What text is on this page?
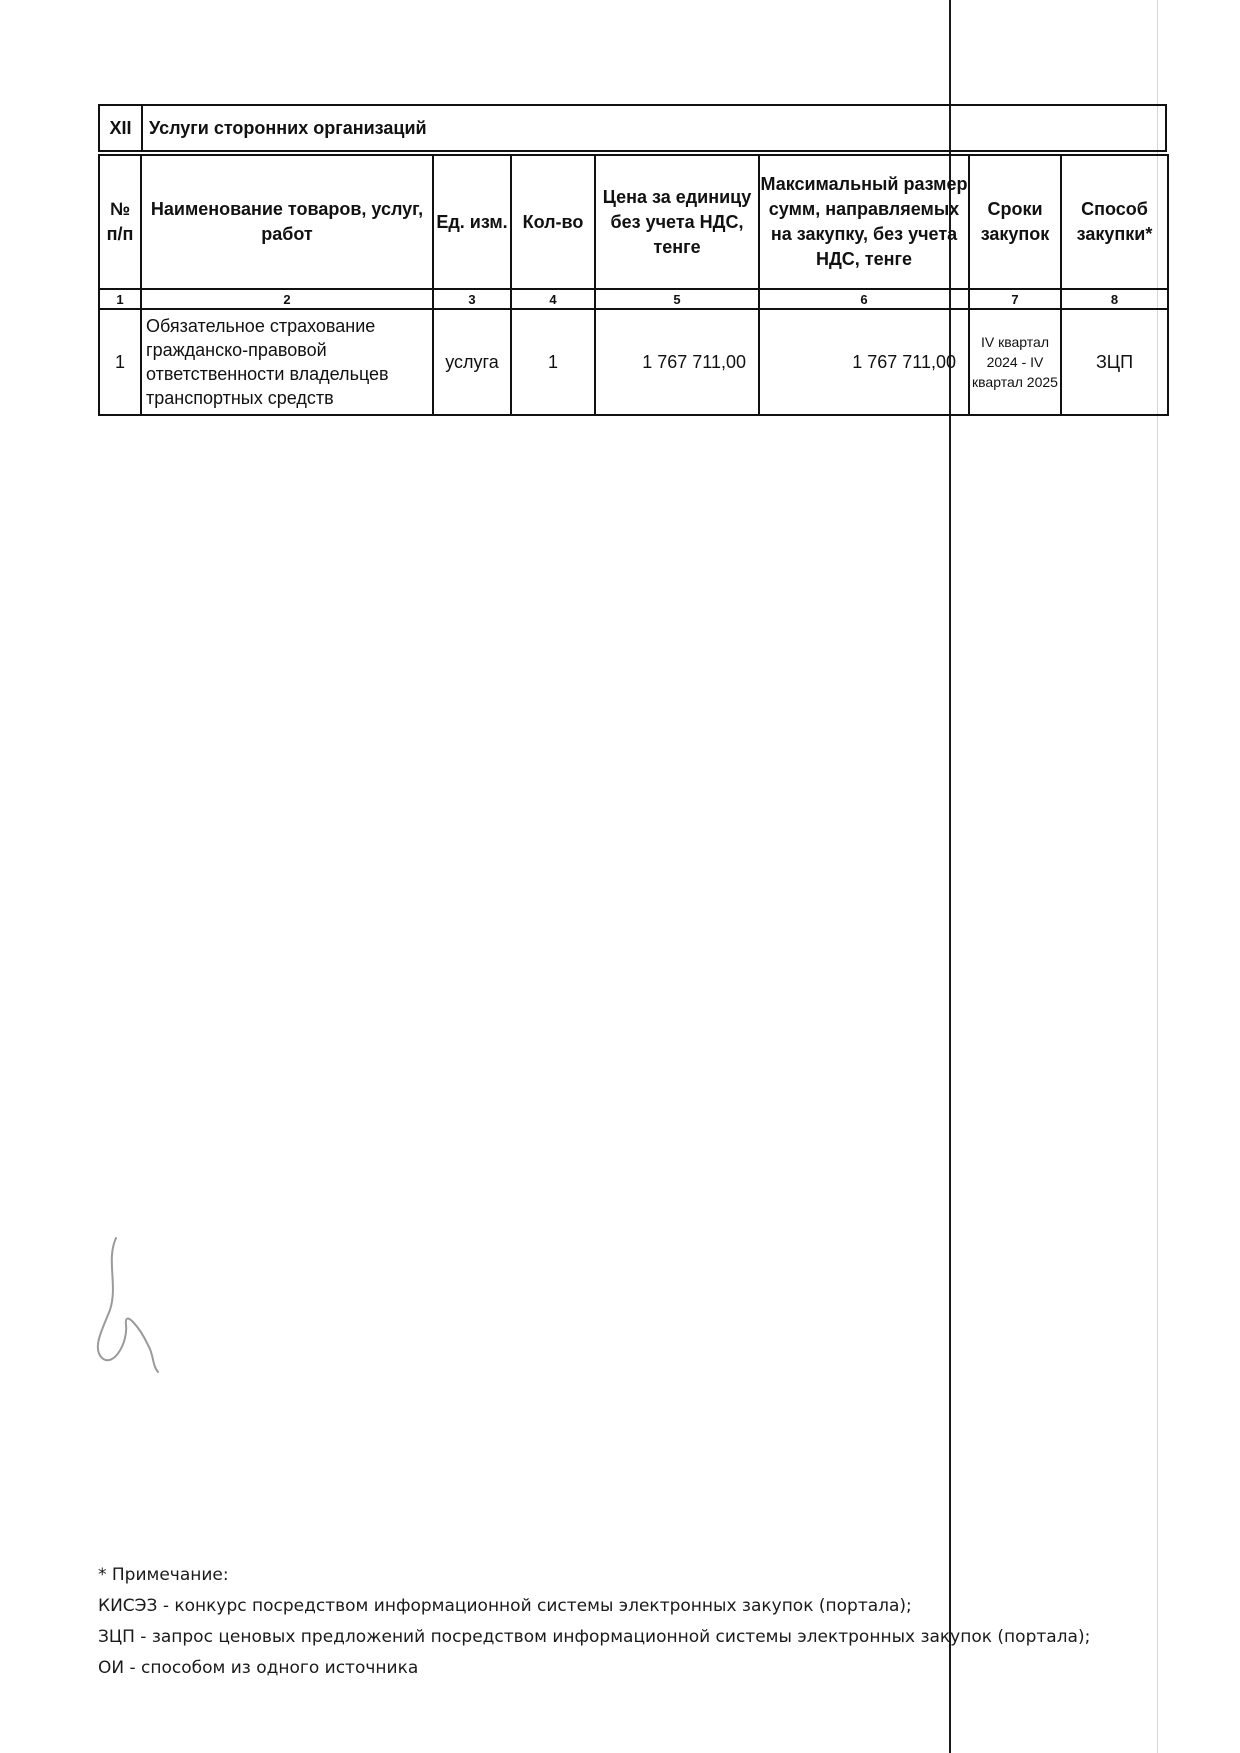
XII Услуги сторонних организаций
№ п/п	Наименование товаров, услуг, работ	Ед. изм.	Кол-во	Цена за единицу без учета НДС, тенге	Максимальный размер сумм, направляемых на закупку, без учета НДС, тенге	Сроки закупок	Способ закупки*
1	2	3	4	5	6	7	8
1	Обязательное страхование гражданско-правовой ответственности владельцев транспортных средств	услуга	1	1 767 711,00	1 767 711,00	IV квартал 2024 - IV квартал 2025	ЗЦП
* Примечание:
КИСЭЗ - конкурс посредством информационной системы электронных закупок (портала);
ЗЦП - запрос ценовых предложений посредством информационной системы электронных закупок (портала);
ОИ - способом из одного источника
